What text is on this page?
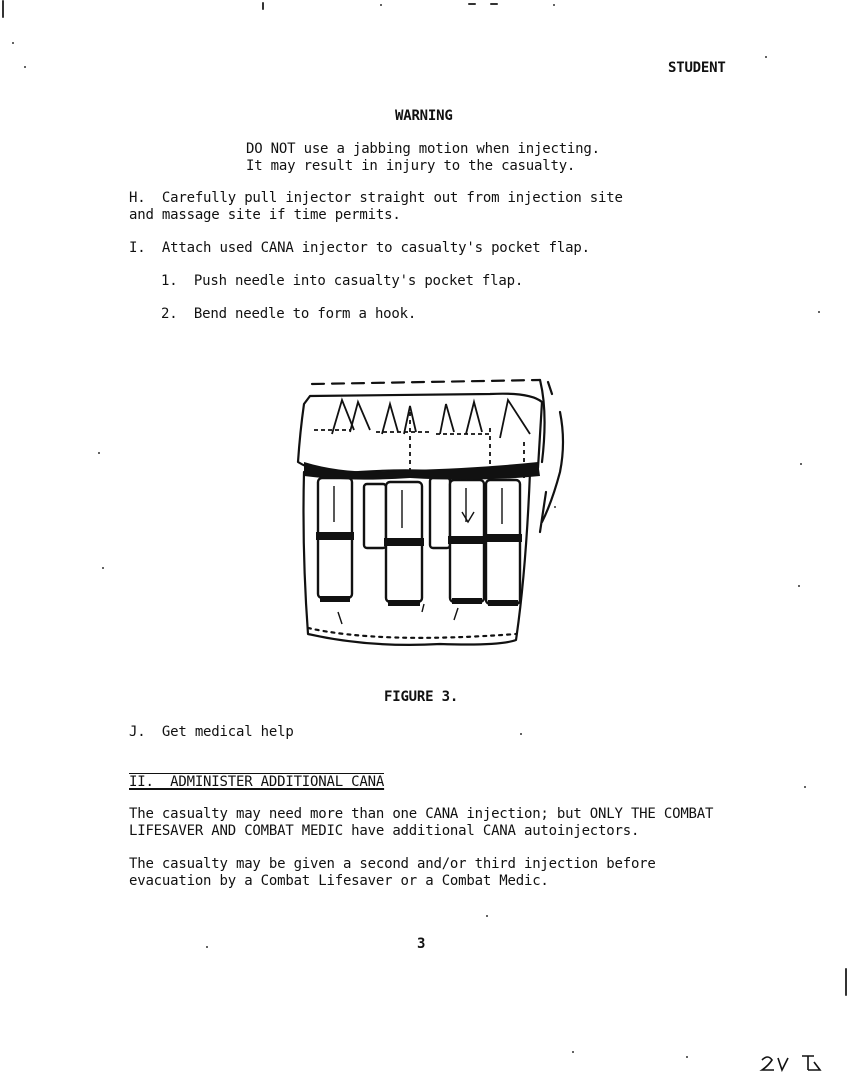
STUDENT
WARNING
DO NOT use a jabbing motion when injecting.
It may result in injury to the casualty.
H.  Carefully pull injector straight out from injection site
and massage site if time permits.
I.  Attach used CANA injector to casualty's pocket flap.
1.  Push needle into casualty's pocket flap.
2.  Bend needle to form a hook.
FIGURE 3.
J.  Get medical help
II.  ADMINISTER ADDITIONAL CANA
The casualty may need more than one CANA injection; but ONLY THE COMBAT
LIFESAVER AND COMBAT MEDIC have additional CANA autoinjectors.
The casualty may be given a second and/or third injection before
evacuation by a Combat Lifesaver or a Combat Medic.
3
